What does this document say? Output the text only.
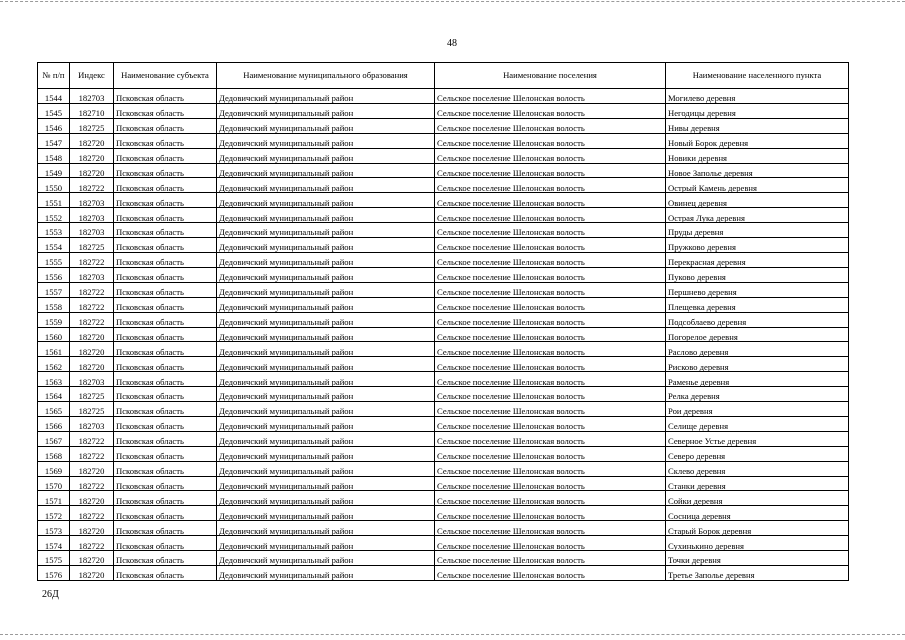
48
№ п/п	Индекс	Наименование субъекта	Наименование муниципального образования	Наименование поселения	Наименование населенного пункта
1544	182703	Псковская область	Дедовичский муниципальный район	Сельское поселение Шелонская волость	Могилево деревня
1545	182710	Псковская область	Дедовичский муниципальный район	Сельское поселение Шелонская волость	Негодицы деревня
1546	182725	Псковская область	Дедовичский муниципальный район	Сельское поселение Шелонская волость	Нивы деревня
1547	182720	Псковская область	Дедовичский муниципальный район	Сельское поселение Шелонская волость	Новый Борок деревня
1548	182720	Псковская область	Дедовичский муниципальный район	Сельское поселение Шелонская волость	Новики деревня
1549	182720	Псковская область	Дедовичский муниципальный район	Сельское поселение Шелонская волость	Новое Заполье деревня
1550	182722	Псковская область	Дедовичский муниципальный район	Сельское поселение Шелонская волость	Острый Камень деревня
1551	182703	Псковская область	Дедовичский муниципальный район	Сельское поселение Шелонская волость	Овинец деревня
1552	182703	Псковская область	Дедовичский муниципальный район	Сельское поселение Шелонская волость	Острая Лука деревня
1553	182703	Псковская область	Дедовичский муниципальный район	Сельское поселение Шелонская волость	Пруды деревня
1554	182725	Псковская область	Дедовичский муниципальный район	Сельское поселение Шелонская волость	Пружково деревня
1555	182722	Псковская область	Дедовичский муниципальный район	Сельское поселение Шелонская волость	Перекрасная деревня
1556	182703	Псковская область	Дедовичский муниципальный район	Сельское поселение Шелонская волость	Пуково деревня
1557	182722	Псковская область	Дедовичский муниципальный район	Сельское поселение Шелонская волость	Першнево деревня
1558	182722	Псковская область	Дедовичский муниципальный район	Сельское поселение Шелонская волость	Плещевка деревня
1559	182722	Псковская область	Дедовичский муниципальный район	Сельское поселение Шелонская волость	Подсоблаево деревня
1560	182720	Псковская область	Дедовичский муниципальный район	Сельское поселение Шелонская волость	Погорелое деревня
1561	182720	Псковская область	Дедовичский муниципальный район	Сельское поселение Шелонская волость	Раслово деревня
1562	182720	Псковская область	Дедовичский муниципальный район	Сельское поселение Шелонская волость	Рисково деревня
1563	182703	Псковская область	Дедовичский муниципальный район	Сельское поселение Шелонская волость	Раменье деревня
1564	182725	Псковская область	Дедовичский муниципальный район	Сельское поселение Шелонская волость	Релка деревня
1565	182725	Псковская область	Дедовичский муниципальный район	Сельское поселение Шелонская волость	Рои деревня
1566	182703	Псковская область	Дедовичский муниципальный район	Сельское поселение Шелонская волость	Селище деревня
1567	182722	Псковская область	Дедовичский муниципальный район	Сельское поселение Шелонская волость	Северное Устье деревня
1568	182722	Псковская область	Дедовичский муниципальный район	Сельское поселение Шелонская волость	Северо деревня
1569	182720	Псковская область	Дедовичский муниципальный район	Сельское поселение Шелонская волость	Склево деревня
1570	182722	Псковская область	Дедовичский муниципальный район	Сельское поселение Шелонская волость	Станки деревня
1571	182720	Псковская область	Дедовичский муниципальный район	Сельское поселение Шелонская волость	Сойки деревня
1572	182722	Псковская область	Дедовичский муниципальный район	Сельское поселение Шелонская волость	Сосница деревня
1573	182720	Псковская область	Дедовичский муниципальный район	Сельское поселение Шелонская волость	Старый Борок деревня
1574	182722	Псковская область	Дедовичский муниципальный район	Сельское поселение Шелонская волость	Сухинькино деревня
1575	182720	Псковская область	Дедовичский муниципальный район	Сельское поселение Шелонская волость	Точки деревня
1576	182720	Псковская область	Дедовичский муниципальный район	Сельское поселение Шелонская волость	Третье Заполье деревня
26Д
